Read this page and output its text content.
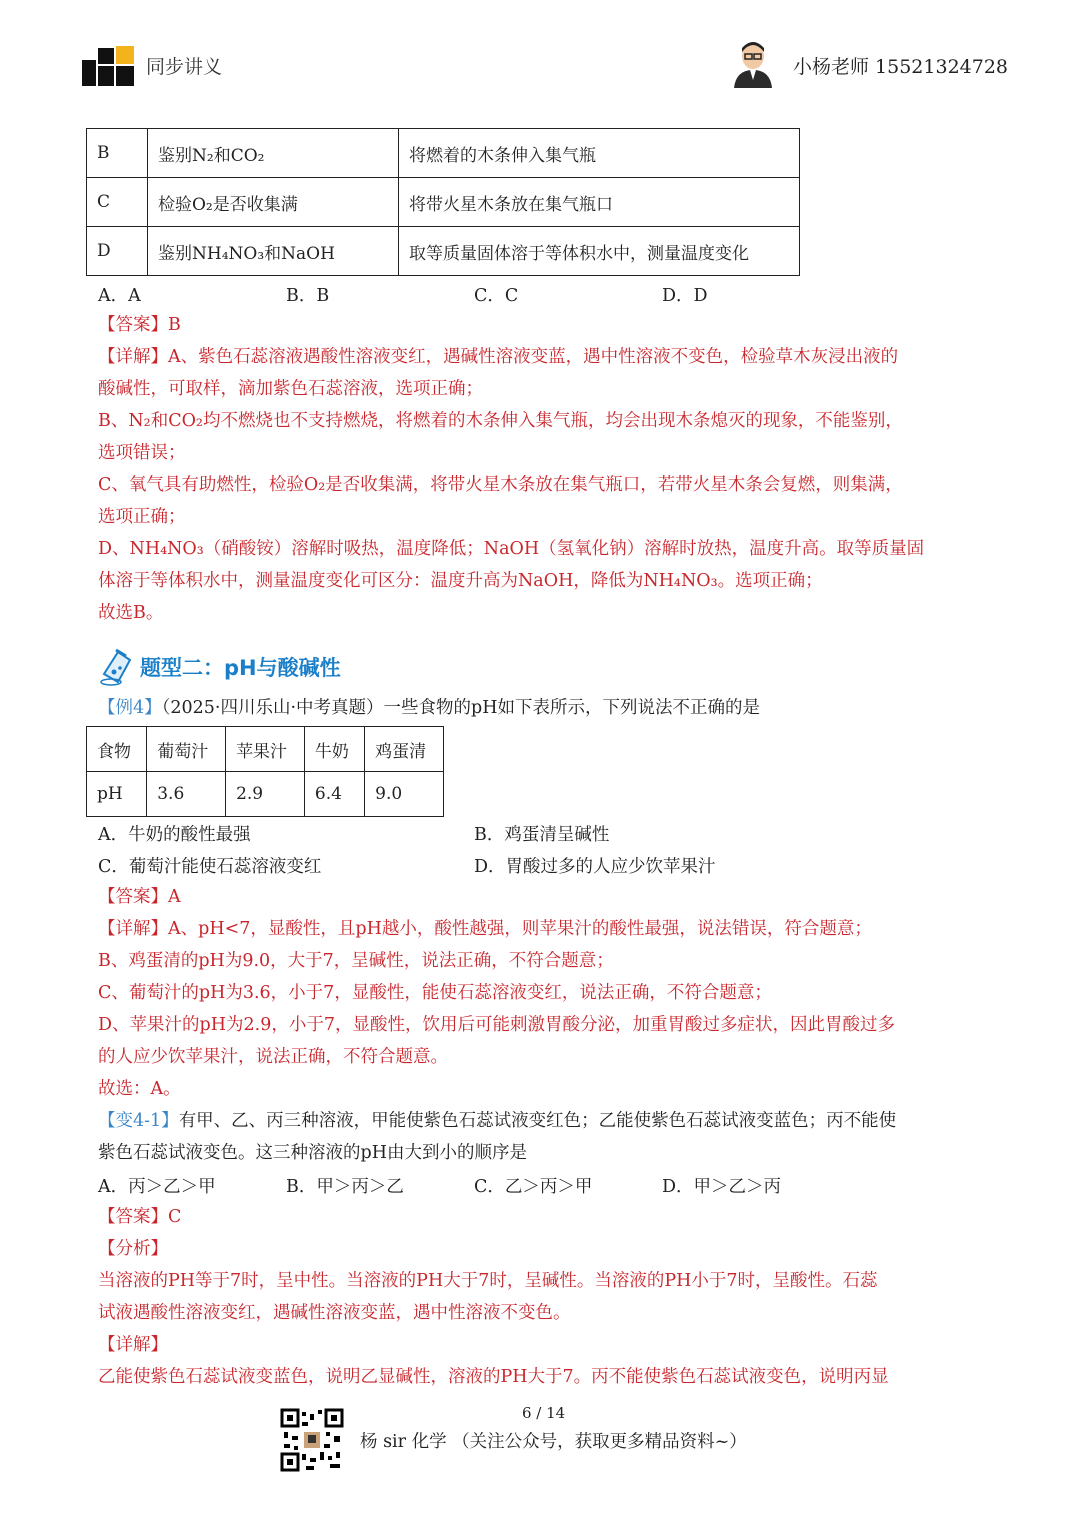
同步讲义	小杨老师 15521324728
B	鉴别N₂和CO₂	将燃着的木条伸入集气瓶
C	检验O₂是否收集满	将带火星木条放在集气瓶口
D	鉴别NH₄NO₃和NaOH	取等质量固体溶于等体积水中，测量温度变化
A．A	B．B	C．C	D．D
【答案】B
【详解】A、紫色石蕊溶液遇酸性溶液变红，遇碱性溶液变蓝，遇中性溶液不变色，检验草木灰浸出液的
酸碱性，可取样，滴加紫色石蕊溶液，选项正确；
B、N₂和CO₂均不燃烧也不支持燃烧，将燃着的木条伸入集气瓶，均会出现木条熄灭的现象，不能鉴别，
选项错误；
C、氧气具有助燃性，检验O₂是否收集满，将带火星木条放在集气瓶口，若带火星木条会复燃，则集满，
选项正确；
D、NH₄NO₃（硝酸铵）溶解时吸热，温度降低；NaOH（氢氧化钠）溶解时放热，温度升高。取等质量固
体溶于等体积水中，测量温度变化可区分：温度升高为NaOH，降低为NH₄NO₃。选项正确；
故选B。
题型二：pH与酸碱性
【例4】（2025·四川乐山·中考真题）一些食物的pH如下表所示，下列说法不正确的是
食物	葡萄汁	苹果汁	牛奶	鸡蛋清
pH	3.6	2.9	6.4	9.0
A．牛奶的酸性最强	B．鸡蛋清呈碱性
C．葡萄汁能使石蕊溶液变红	D．胃酸过多的人应少饮苹果汁
【答案】A
【详解】A、pH<7，显酸性，且pH越小，酸性越强，则苹果汁的酸性最强，说法错误，符合题意；
B、鸡蛋清的pH为9.0，大于7，呈碱性，说法正确，不符合题意；
C、葡萄汁的pH为3.6，小于7，显酸性，能使石蕊溶液变红，说法正确，不符合题意；
D、苹果汁的pH为2.9，小于7，显酸性，饮用后可能刺激胃酸分泌，加重胃酸过多症状，因此胃酸过多
的人应少饮苹果汁，说法正确，不符合题意。
故选：A。
【变4-1】有甲、乙、丙三种溶液，甲能使紫色石蕊试液变红色；乙能使紫色石蕊试液变蓝色；丙不能使
紫色石蕊试液变色。这三种溶液的pH由大到小的顺序是
A．丙＞乙＞甲	B．甲＞丙＞乙	C．乙＞丙＞甲	D．甲＞乙＞丙
【答案】C
【分析】
当溶液的PH等于7时，呈中性。当溶液的PH大于7时，呈碱性。当溶液的PH小于7时，呈酸性。石蕊
试液遇酸性溶液变红，遇碱性溶液变蓝，遇中性溶液不变色。
【详解】
乙能使紫色石蕊试液变蓝色，说明乙显碱性，溶液的PH大于7。丙不能使紫色石蕊试液变色，说明丙显
6 / 14
杨 sir 化学 （关注公众号，获取更多精品资料~）
